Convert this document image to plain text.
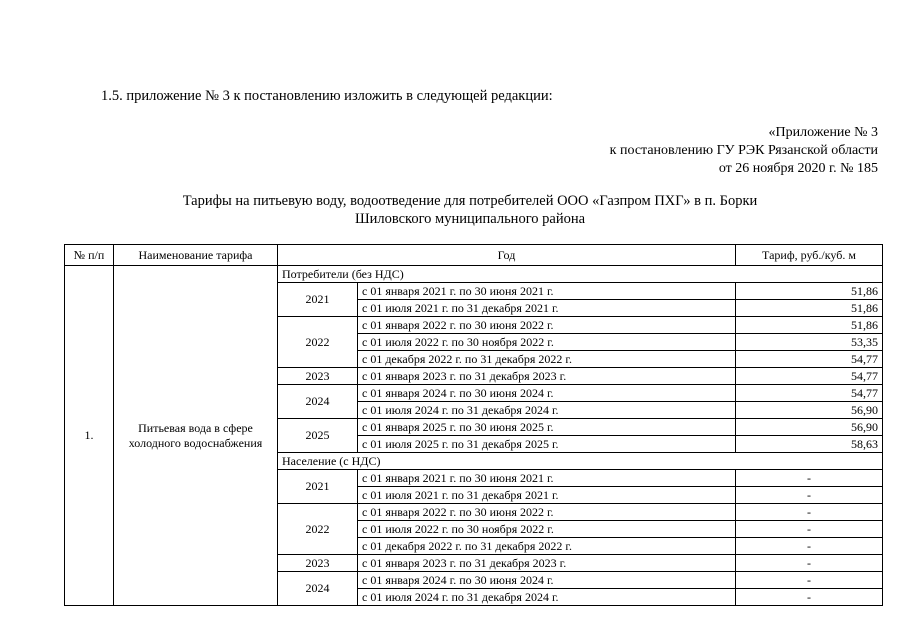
1.5. приложение № 3 к постановлению изложить в следующей редакции:
«Приложение № 3
к постановлению ГУ РЭК Рязанской области
от 26 ноября 2020 г. № 185
Тарифы на питьевую воду, водоотведение для потребителей ООО «Газпром ПХГ» в п. Борки
Шиловского муниципального района
№ п/п	Наименование тарифа	Год		Тариф, руб./куб. м
1.	Питьевая вода в сфере холодного водоснабжения	Потребители (без НДС)		
		2021	с 01 января 2021 г. по 30 июня 2021 г.	51,86
			с 01 июля 2021 г. по 31 декабря 2021 г.	51,86
		2022	с 01 января 2022 г. по 30 июня 2022 г.	51,86
			с 01 июля 2022 г. по 30 ноября 2022 г.	53,35
			с 01 декабря 2022 г. по 31 декабря 2022 г.	54,77
		2023	с 01 января 2023 г. по 31 декабря 2023 г.	54,77
		2024	с 01 января 2024 г. по 30 июня 2024 г.	54,77
			с 01 июля 2024 г. по 31 декабря 2024 г.	56,90
		2025	с 01 января 2025 г. по 30 июня 2025 г.	56,90
			с 01 июля 2025 г. по 31 декабря 2025 г.	58,63
		Население (с НДС)		
		2021	с 01 января 2021 г. по 30 июня 2021 г.	-
			с 01 июля 2021 г. по 31 декабря 2021 г.	-
		2022	с 01 января 2022 г. по 30 июня 2022 г.	-
			с 01 июля 2022 г. по 30 ноября 2022 г.	-
			с 01 декабря 2022 г. по 31 декабря 2022 г.	-
		2023	с 01 января 2023 г. по 31 декабря 2023 г.	-
		2024	с 01 января 2024 г. по 30 июня 2024 г.	-
			с 01 июля 2024 г. по 31 декабря 2024 г.	-
